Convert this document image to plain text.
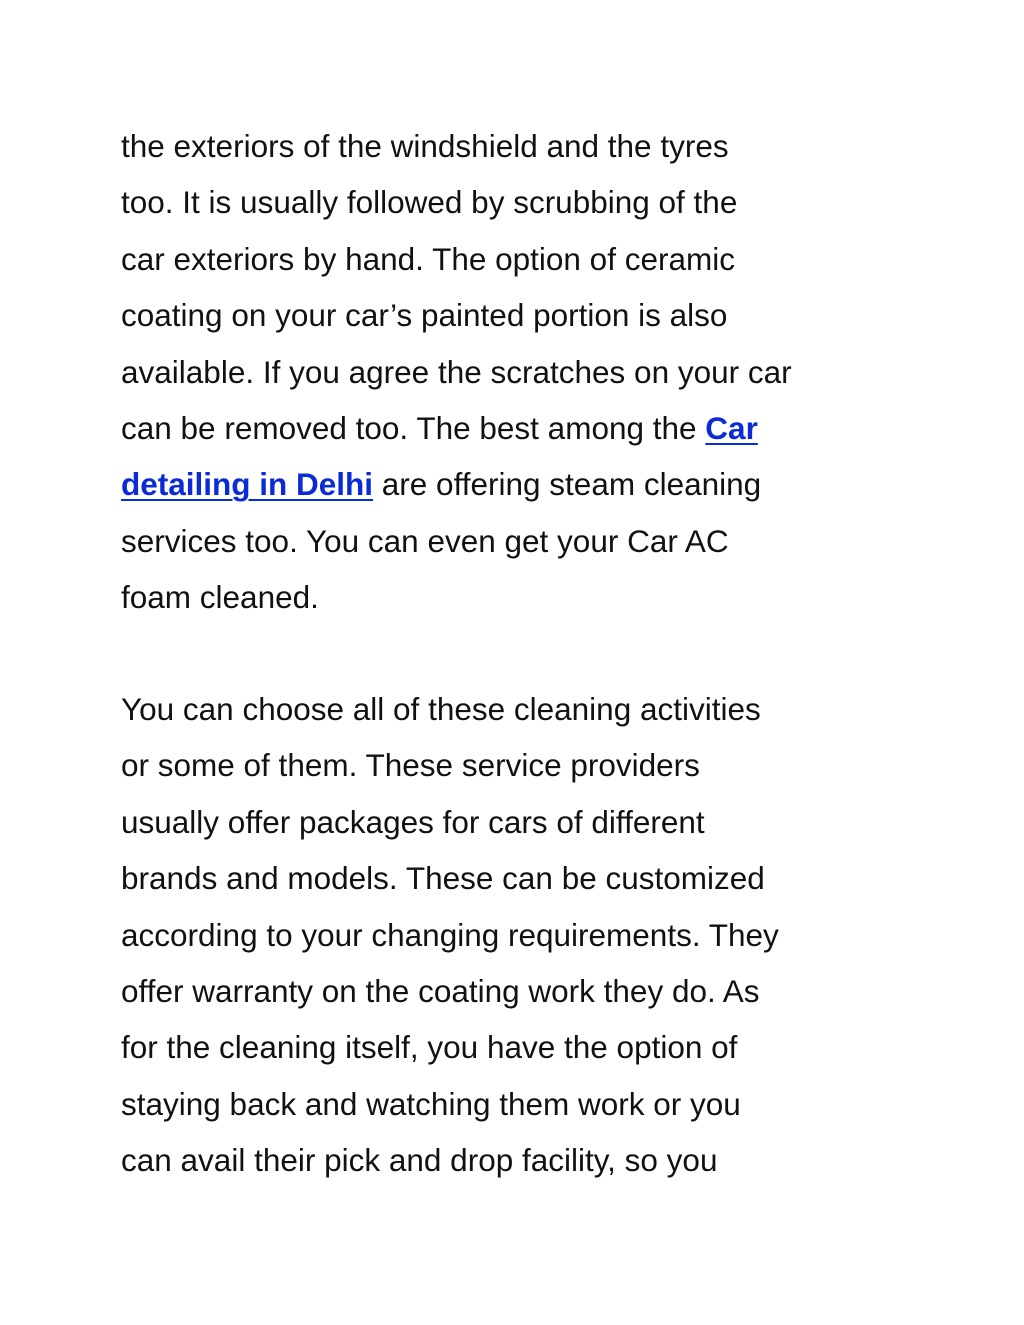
the exteriors of the windshield and the tyres
too. It is usually followed by scrubbing of the
car exteriors by hand. The option of ceramic
coating on your car’s painted portion is also
available. If you agree the scratches on your car
can be removed too. The best among the Car
detailing in Delhi are offering steam cleaning
services too. You can even get your Car AC
foam cleaned.
You can choose all of these cleaning activities
or some of them. These service providers
usually offer packages for cars of different
brands and models. These can be customized
according to your changing requirements. They
offer warranty on the coating work they do. As
for the cleaning itself, you have the option of
staying back and watching them work or you
can avail their pick and drop facility, so you
